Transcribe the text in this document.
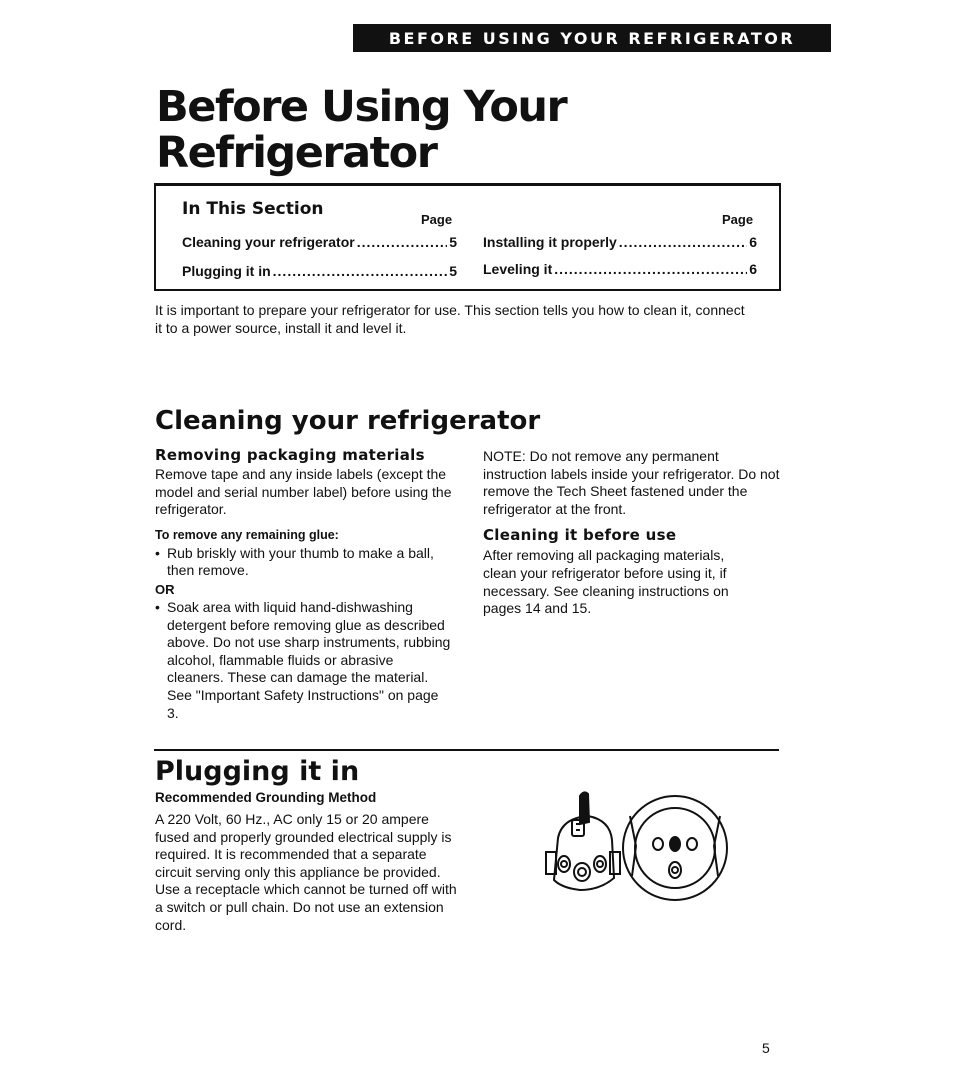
BEFORE USING YOUR REFRIGERATOR
Before Using Your
Refrigerator
In This Section
Page	Page
Cleaning your refrigerator .....	5
Plugging it in .....	5
Installing it properly .....	6
Leveling it .....	6
It is important to prepare your refrigerator for use. This section tells you how to clean it, connect it to a power source, install it and level it.
Cleaning your refrigerator
Removing packaging materials
Remove tape and any inside labels (except the model and serial number label) before using the refrigerator.
To remove any remaining glue:
• Rub briskly with your thumb to make a ball, then remove.
OR
• Soak area with liquid hand-dishwashing detergent before removing glue as described above. Do not use sharp instruments, rubbing alcohol, flammable fluids or abrasive cleaners. These can damage the material. See "Important Safety Instructions" on page 3.
NOTE: Do not remove any permanent instruction labels inside your refrigerator. Do not remove the Tech Sheet fastened under the refrigerator at the front.
Cleaning it before use
After removing all packaging materials, clean your refrigerator before using it, if necessary. See cleaning instructions on pages 14 and 15.
Plugging it in
Recommended Grounding Method
A 220 Volt, 60 Hz., AC only 15 or 20 ampere fused and properly grounded electrical supply is required. It is recommended that a separate circuit serving only this appliance be provided. Use a receptacle which cannot be turned off with a switch or pull chain. Do not use an extension cord.
5
